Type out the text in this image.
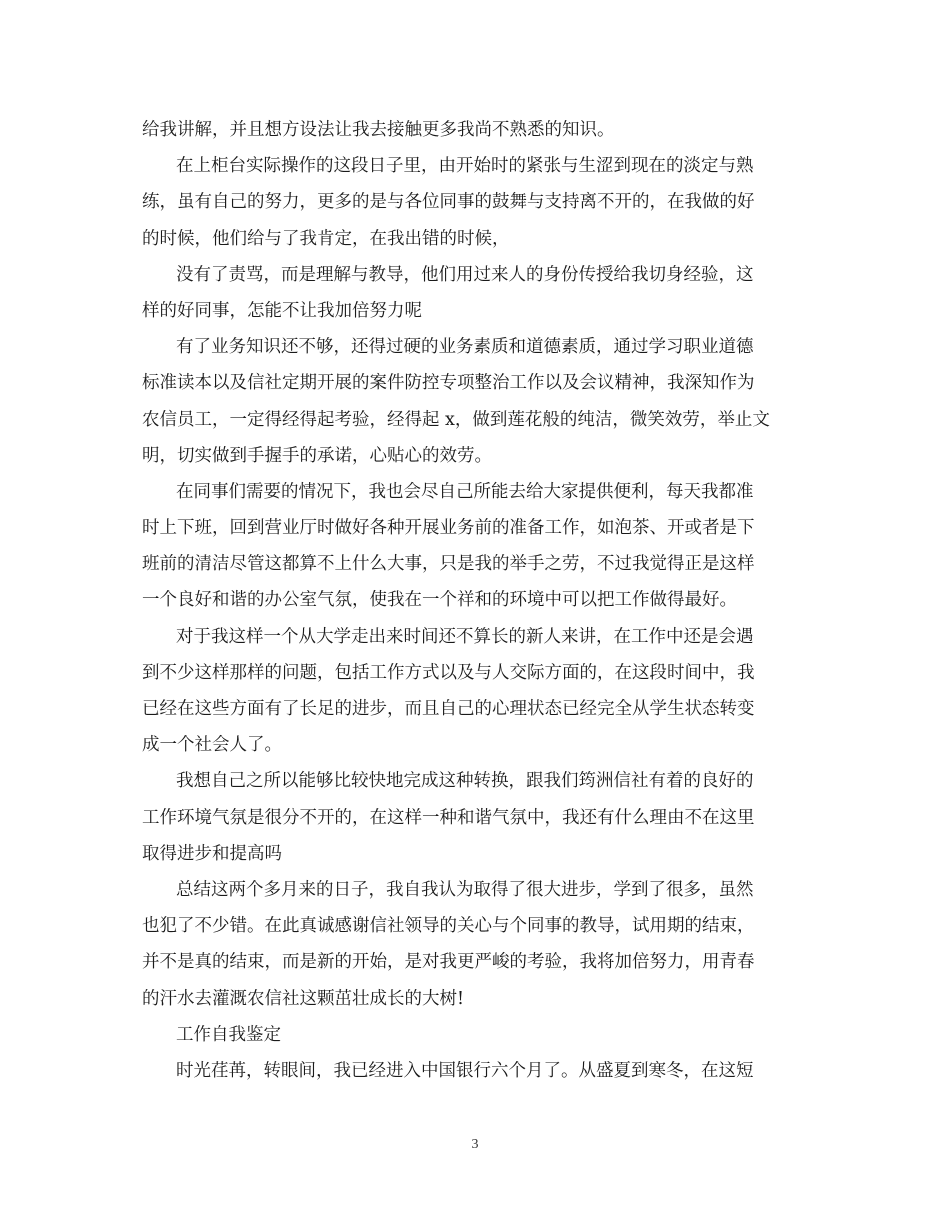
给我讲解，并且想方设法让我去接触更多我尚不熟悉的知识。
在上柜台实际操作的这段日子里，由开始时的紧张与生涩到现在的淡定与熟
练，虽有自己的努力，更多的是与各位同事的鼓舞与支持离不开的，在我做的好
的时候，他们给与了我肯定，在我出错的时候，
没有了责骂，而是理解与教导，他们用过来人的身份传授给我切身经验，这
样的好同事，怎能不让我加倍努力呢
有了业务知识还不够，还得过硬的业务素质和道德素质，通过学习职业道德
标准读本以及信社定期开展的案件防控专项整治工作以及会议精神，我深知作为
农信员工，一定得经得起考验，经得起 x，做到莲花般的纯洁，微笑效劳，举止文
明，切实做到手握手的承诺，心贴心的效劳。
在同事们需要的情况下，我也会尽自己所能去给大家提供便利，每天我都准
时上下班，回到营业厅时做好各种开展业务前的准备工作，如泡茶、开或者是下
班前的清洁尽管这都算不上什么大事，只是我的举手之劳，不过我觉得正是这样
一个良好和谐的办公室气氛，使我在一个祥和的环境中可以把工作做得最好。
对于我这样一个从大学走出来时间还不算长的新人来讲，在工作中还是会遇
到不少这样那样的问题，包括工作方式以及与人交际方面的，在这段时间中，我
已经在这些方面有了长足的进步，而且自己的心理状态已经完全从学生状态转变
成一个社会人了。
我想自己之所以能够比较快地完成这种转换，跟我们筠洲信社有着的良好的
工作环境气氛是很分不开的，在这样一种和谐气氛中，我还有什么理由不在这里
取得进步和提高吗
总结这两个多月来的日子，我自我认为取得了很大进步，学到了很多，虽然
也犯了不少错。在此真诚感谢信社领导的关心与个同事的教导，试用期的结束，
并不是真的结束，而是新的开始，是对我更严峻的考验，我将加倍努力，用青春
的汗水去灌溉农信社这颗茁壮成长的大树!
工作自我鉴定
时光荏苒，转眼间，我已经进入中国银行六个月了。从盛夏到寒冬，在这短
3
